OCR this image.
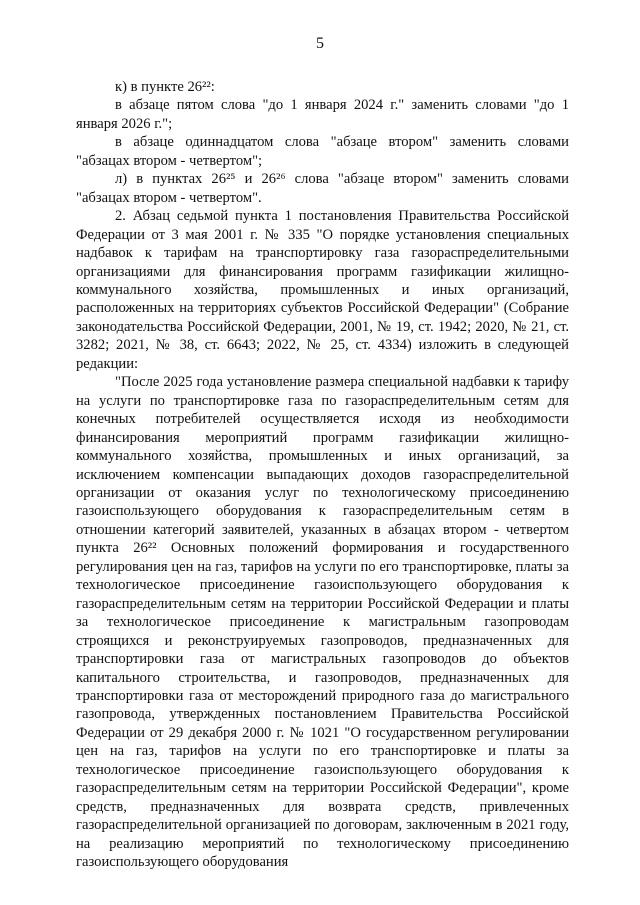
5

к) в пункте 26²²:

в абзаце пятом слова "до 1 января 2024 г." заменить словами "до 1 января 2026 г.";

в абзаце одиннадцатом слова "абзаце втором" заменить словами "абзацах втором - четвертом";

л) в пунктах 26²⁵ и 26²⁶ слова "абзаце втором" заменить словами "абзацах втором - четвертом".

2. Абзац седьмой пункта 1 постановления Правительства Российской Федерации от 3 мая 2001 г. № 335 "О порядке установления специальных надбавок к тарифам на транспортировку газа газораспределительными организациями для финансирования программ газификации жилищно-коммунального хозяйства, промышленных и иных организаций, расположенных на территориях субъектов Российской Федерации" (Собрание законодательства Российской Федерации, 2001, № 19, ст. 1942; 2020, № 21, ст. 3282; 2021, № 38, ст. 6643; 2022, № 25, ст. 4334) изложить в следующей редакции:

"После 2025 года установление размера специальной надбавки к тарифу на услуги по транспортировке газа по газораспределительным сетям для конечных потребителей осуществляется исходя из необходимости финансирования мероприятий программ газификации жилищно-коммунального хозяйства, промышленных и иных организаций, за исключением компенсации выпадающих доходов газораспределительной организации от оказания услуг по технологическому присоединению газоиспользующего оборудования к газораспределительным сетям в отношении категорий заявителей, указанных в абзацах втором - четвертом пункта 26²² Основных положений формирования и государственного регулирования цен на газ, тарифов на услуги по его транспортировке, платы за технологическое присоединение газоиспользующего оборудования к газораспределительным сетям на территории Российской Федерации и платы за технологическое присоединение к магистральным газопроводам строящихся и реконструируемых газопроводов, предназначенных для транспортировки газа от магистральных газопроводов до объектов капитального строительства, и газопроводов, предназначенных для транспортировки газа от месторождений природного газа до магистрального газопровода, утвержденных постановлением Правительства Российской Федерации от 29 декабря 2000 г. № 1021 "О государственном регулировании цен на газ, тарифов на услуги по его транспортировке и платы за технологическое присоединение газоиспользующего оборудования к газораспределительным сетям на территории Российской Федерации", кроме средств, предназначенных для возврата средств, привлеченных газораспределительной организацией по договорам, заключенным в 2021 году, на реализацию мероприятий по технологическому присоединению газоиспользующего оборудования
